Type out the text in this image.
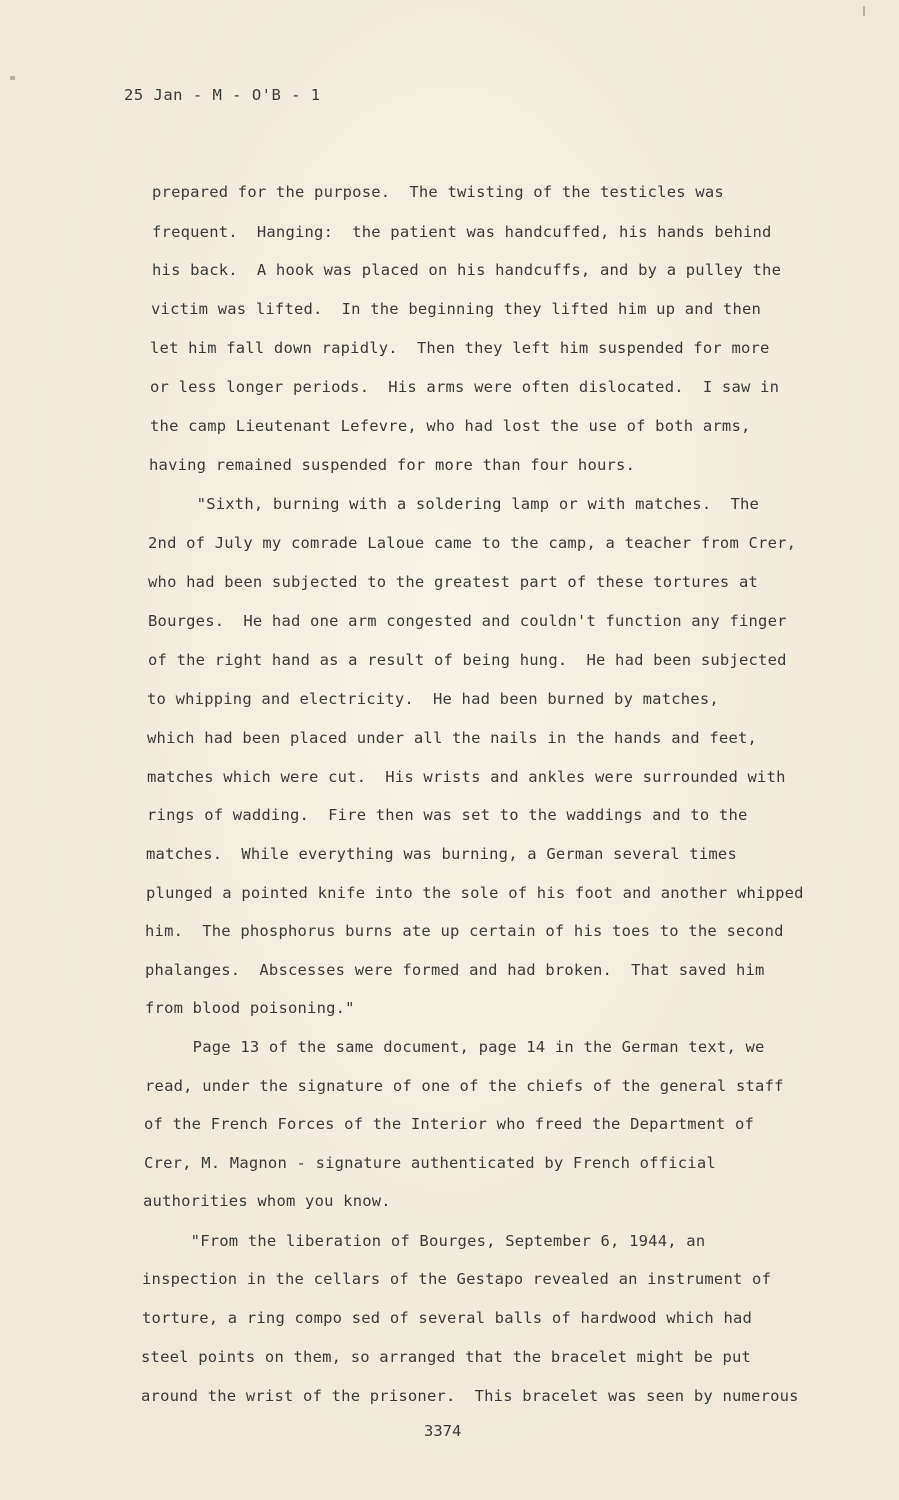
25 Jan - M - O'B - 1
prepared for the purpose.  The twisting of the testicles was
frequent.  Hanging:  the patient was handcuffed, his hands behind
his back.  A hook was placed on his handcuffs, and by a pulley the
victim was lifted.  In the beginning they lifted him up and then
let him fall down rapidly.  Then they left him suspended for more
or less longer periods.  His arms were often dislocated.  I saw in
the camp Lieutenant Lefevre, who had lost the use of both arms,
having remained suspended for more than four hours.
"Sixth, burning with a soldering lamp or with matches.  The
2nd of July my comrade Laloue came to the camp, a teacher from Crer,
who had been subjected to the greatest part of these tortures at
Bourges.  He had one arm congested and couldn't function any finger
of the right hand as a result of being hung.  He had been subjected
to whipping and electricity.  He had been burned by matches,
which had been placed under all the nails in the hands and feet,
matches which were cut.  His wrists and ankles were surrounded with
rings of wadding.  Fire then was set to the waddings and to the
matches.  While everything was burning, a German several times
plunged a pointed knife into the sole of his foot and another whipped
him.  The phosphorus burns ate up certain of his toes to the second
phalanges.  Abscesses were formed and had broken.  That saved him
from blood poisoning."
Page 13 of the same document, page 14 in the German text, we
read, under the signature of one of the chiefs of the general staff
of the French Forces of the Interior who freed the Department of
Crer, M. Magnon - signature authenticated by French official
authorities whom you know.
"From the liberation of Bourges, September 6, 1944, an
inspection in the cellars of the Gestapo revealed an instrument of
torture, a ring compo sed of several balls of hardwood which had
steel points on them, so arranged that the bracelet might be put
around the wrist of the prisoner.  This bracelet was seen by numerous
3374
